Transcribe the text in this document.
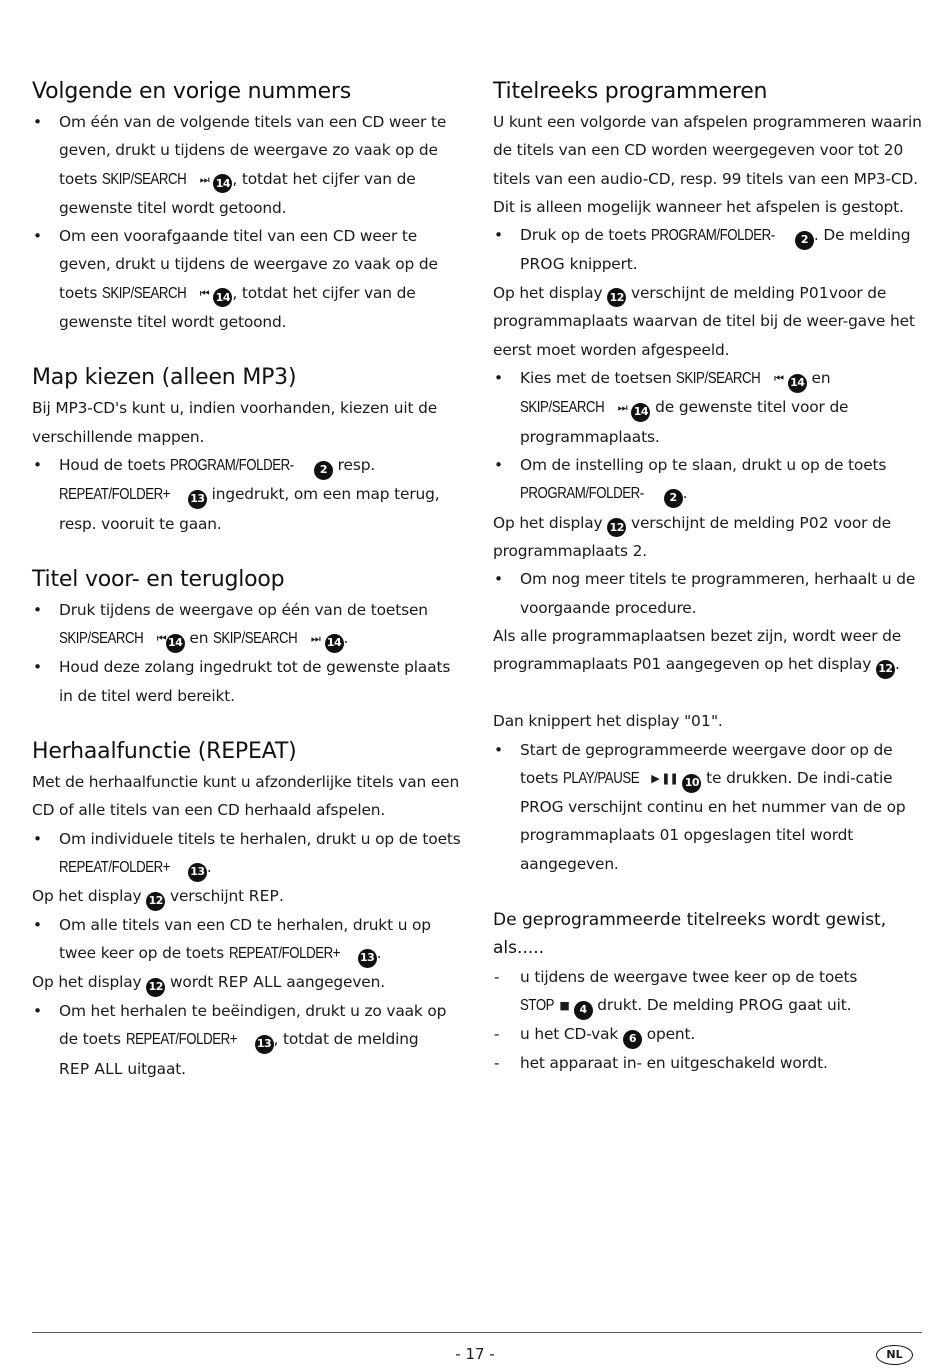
Volgende en vorige nummers
• Om één van de volgende titels van een CD weer te geven, drukt u tijdens de weergave zo vaak op de toets SKIP/SEARCH ⏭ 14 , totdat het cijfer van de gewenste titel wordt getoond.
• Om een voorafgaande titel van een CD weer te geven, drukt u tijdens de weergave zo vaak op de toets SKIP/SEARCH ⏮ 14 , totdat het cijfer van de gewenste titel wordt getoond.
Map kiezen (alleen MP3)

Bij MP3-CD's kunt u, indien voorhanden, kiezen uit de verschillende mappen.

• Houd de toets PROGRAM/FOLDER- 2 resp.
REPEAT/FOLDER+ 13 ingedrukt, om een map terug, resp. vooruit te gaan.
Titel voor- en terugloop
• Druk tijdens de weergave op één van de toetsen
SKIP/SEARCH ⏮ 14 en SKIP/SEARCH ⏭ 14 .
• Houd deze zolang ingedrukt tot de gewenste plaats in de titel werd bereikt.
Herhaalfunctie (REPEAT)

Met de herhaalfunctie kunt u afzonderlijke titels van een CD of alle titels van een CD herhaald afspelen.

• Om individuele titels te herhalen, drukt u op de toets REPEAT/FOLDER+ 13 .

Op het display 12 verschijnt REP.

• Om alle titels van een CD te herhalen, drukt u op twee keer op de toets REPEAT/FOLDER+ 13 .

Op het display 12 wordt REP ALL aangegeven.

• Om het herhalen te beëindigen, drukt u zo vaak op de toets REPEAT/FOLDER+ 13 , totdat de melding
REP ALL uitgaat.
Titelreeks programmeren

U kunt een volgorde van afspelen programmeren waarin de titels van een CD worden weergegeven voor tot 20 titels van een audio-CD, resp. 99 titels van een MP3-CD. Dit is alleen mogelijk wanneer het afspelen is gestopt.

• Druk op de toets PROGRAM/FOLDER- 2 . De melding
PROG knippert.

Op het display 12 verschijnt de melding P01voor de programmaplaats waarvan de titel bij de weer-gave het eerst moet worden afgespeeld.

• Kies met de toetsen SKIP/SEARCH ⏮ 14 en
SKIP/SEARCH ⏭ 14 de gewenste titel voor de programmaplaats.
• Om de instelling op te slaan, drukt u op de toets
PROGRAM/FOLDER- 2 .

Op het display 12 verschijnt de melding P02 voor de programmaplaats 2.

• Om nog meer titels te programmeren, herhaalt u de voorgaande procedure.

Als alle programmaplaatsen bezet zijn, wordt weer de programmaplaats P01 aangegeven op het display 12 .

Dan knippert het display "01".

• Start de geprogrammeerde weergave door op de toets PLAY/PAUSE ▶ ❚❚ 10 te drukken. De indi-catie PROG verschijnt continu en het nummer van de op programmaplaats 01 opgeslagen titel wordt aangegeven.
De geprogrammeerde titelreeks wordt gewist, als.....
- u tijdens de weergave twee keer op de toets
STOP ■ 4 drukt. De melding PROG gaat uit.
- u het CD-vak 6 opent.
- het apparaat in- en uitgeschakeld wordt.
- 17 -	NL
